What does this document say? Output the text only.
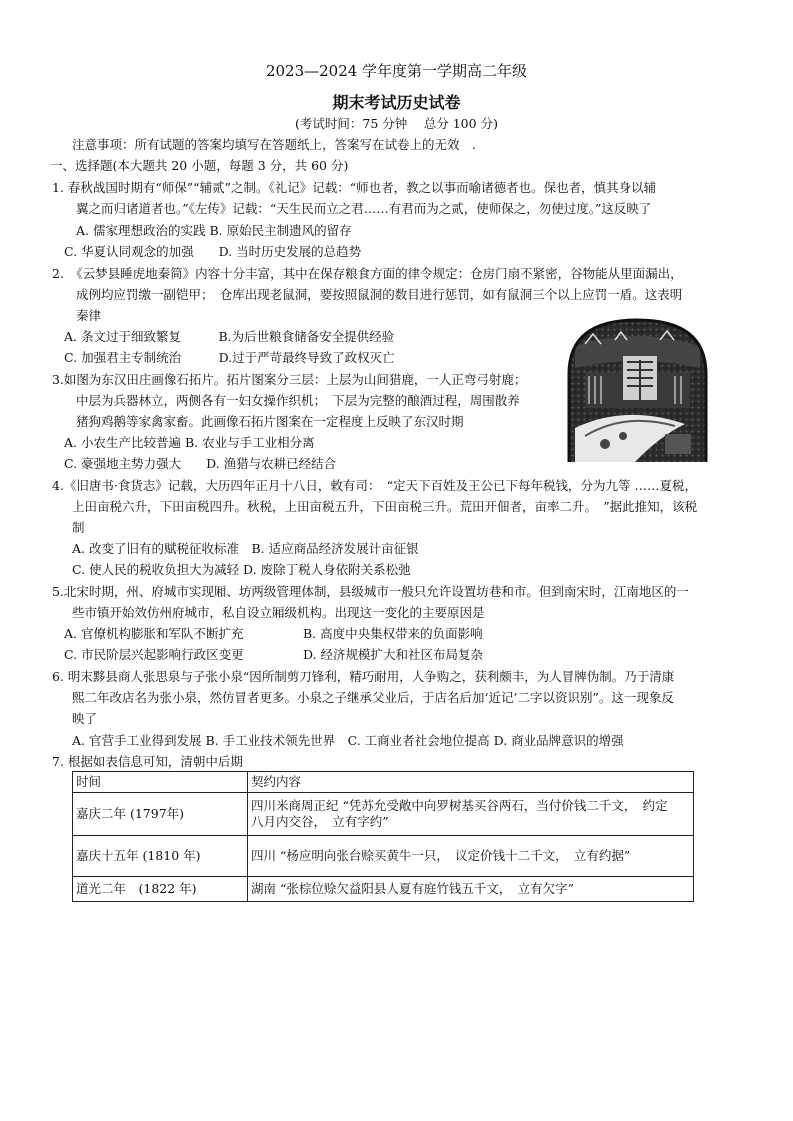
2023—2024 学年度第一学期高二年级
期末考试历史试卷
(考试时间：75 分钟　 总分 100 分)
注意事项：所有试题的答案均填写在答题纸上，答案写在试卷上的无效　.
一、选择题(本大题共 20 小题，每题 3 分，共 60 分)
1. 春秋战国时期有“师保”“辅贰”之制。《礼记》记载：“师也者，教之以事而喻诸德者也。保也者，慎其身以辅
翼之而归诸道者也。”《左传》记载：“天生民而立之君……有君而为之贰，使师保之，勿使过度。”这反映了
A. 儒家理想政治的实践 B. 原始民主制遗风的留存
C. 华夏认同观念的加强　　D. 当时历史发展的总趋势
2.　《云梦县睡虎地秦简》内容十分丰富，其中在保存粮食方面的律令规定：仓房门扇不紧密，谷物能从里面漏出，
成例均应罚缴一副铠甲；　仓库出现老鼠洞，要按照鼠洞的数目进行惩罚，如有鼠洞三个以上应罚一盾。这表明
秦律
A. 条文过于细致繁复　　　B.为后世粮食储备安全提供经验
C. 加强君主专制统治　　　D.过于严苛最终导致了政权灭亡
3.如图为东汉田庄画像石拓片。拓片图案分三层：上层为山间猎鹿，一人正弯弓射鹿；
中层为兵器林立，两侧各有一妇女操作织机；　下层为完整的酿酒过程，周围散养
猪狗鸡鹅等家禽家畜。此画像石拓片图案在一定程度上反映了东汉时期
A. 小农生产比较普遍 B. 农业与手工业相分离
C. 豪强地主势力强大　　D. 渔猎与农耕已经结合
4.《旧唐书·食货志》记载，大历四年正月十八日，敕有司：　“定天下百姓及王公已下每年税钱，分为九等 ……夏税，
上田亩税六升，下田亩税四升。秋税，上田亩税五升，下田亩税三升。荒田开佃者，亩率二升。　”据此推知，该税
制
A. 改变了旧有的赋税征收标准　B. 适应商品经济发展计亩征银
C. 使人民的税收负担大为减轻 D. 废除丁税人身依附关系松弛
5.北宋时期，州、府城市实现厢、坊两级管理体制，县级城市一般只允许设置坊巷和市。但到南宋时，江南地区的一
些市镇开始效仿州府城市，私自设立厢级机构。出现这一变化的主要原因是
A. 官僚机构膨胀和军队不断扩充	B. 高度中央集权带来的负面影响
C. 市民阶层兴起影响行政区变更	D. 经济规模扩大和社区布局复杂
6. 明末黟县商人张思泉与子张小泉“因所制剪刀锋利，精巧耐用，人争购之，获利颇丰，为人冒牌伪制。乃于清康
熙二年改店名为张小泉，然仿冒者更多。小泉之子继承父业后，于店名后加‘近记’二字以资识别”。这一现象反
映了
A. 官营手工业得到发展 B. 手工业技术领先世界　C. 工商业者社会地位提高 D. 商业品牌意识的增强
7. 根据如表信息可知，清朝中后期
时间	契约内容
嘉庆二年 (1797年)	四川米商周正纪 “凭苏允受敞中向罗树基买谷两石，当付价钱二千文，　约定
八月内交谷，　立有字约”

嘉庆十五年 (1810 年)	四川 “杨应明向张台赊买黄牛一只，　议定价钱十二千文，　立有约据”
道光二年　(1822 年)	湖南 “张棕位赊欠益阳县人夏有庭竹钱五千文，　立有欠字”
